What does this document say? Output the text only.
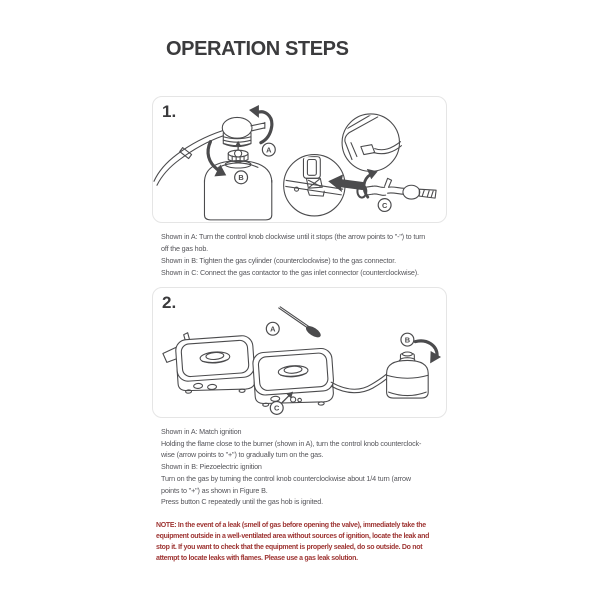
OPERATION STEPS
1.
A
B
C

Shown in A: Turn the control knob clockwise until it stops (the arrow points to "-") to turn

off the gas hob.

Shown in B: Tighten the gas cylinder (counterclockwise) to the gas connector.

Shown in C: Connect the gas contactor to the gas inlet connector (counterclockwise).

2.
A
B
C

Shown in A: Match ignition

Holding the flame close to the burner (shown in A), turn the control knob counterclock-

wise (arrow points to "+") to gradually turn on the gas.

Shown in B: Piezoelectric ignition

Turn on the gas by turning the control knob counterclockwise about 1/4 turn (arrow

points to "+") as shown in Figure B.

Press button C repeatedly until the gas hob is ignited.

NOTE: In the event of a leak (smell of gas before opening the valve), immediately take the

equipment outside in a well-ventilated area without sources of ignition, locate the leak and

stop it. If you want to check that the equipment is properly sealed, do so outside. Do not

attempt to locate leaks with flames. Please use a gas leak solution.
